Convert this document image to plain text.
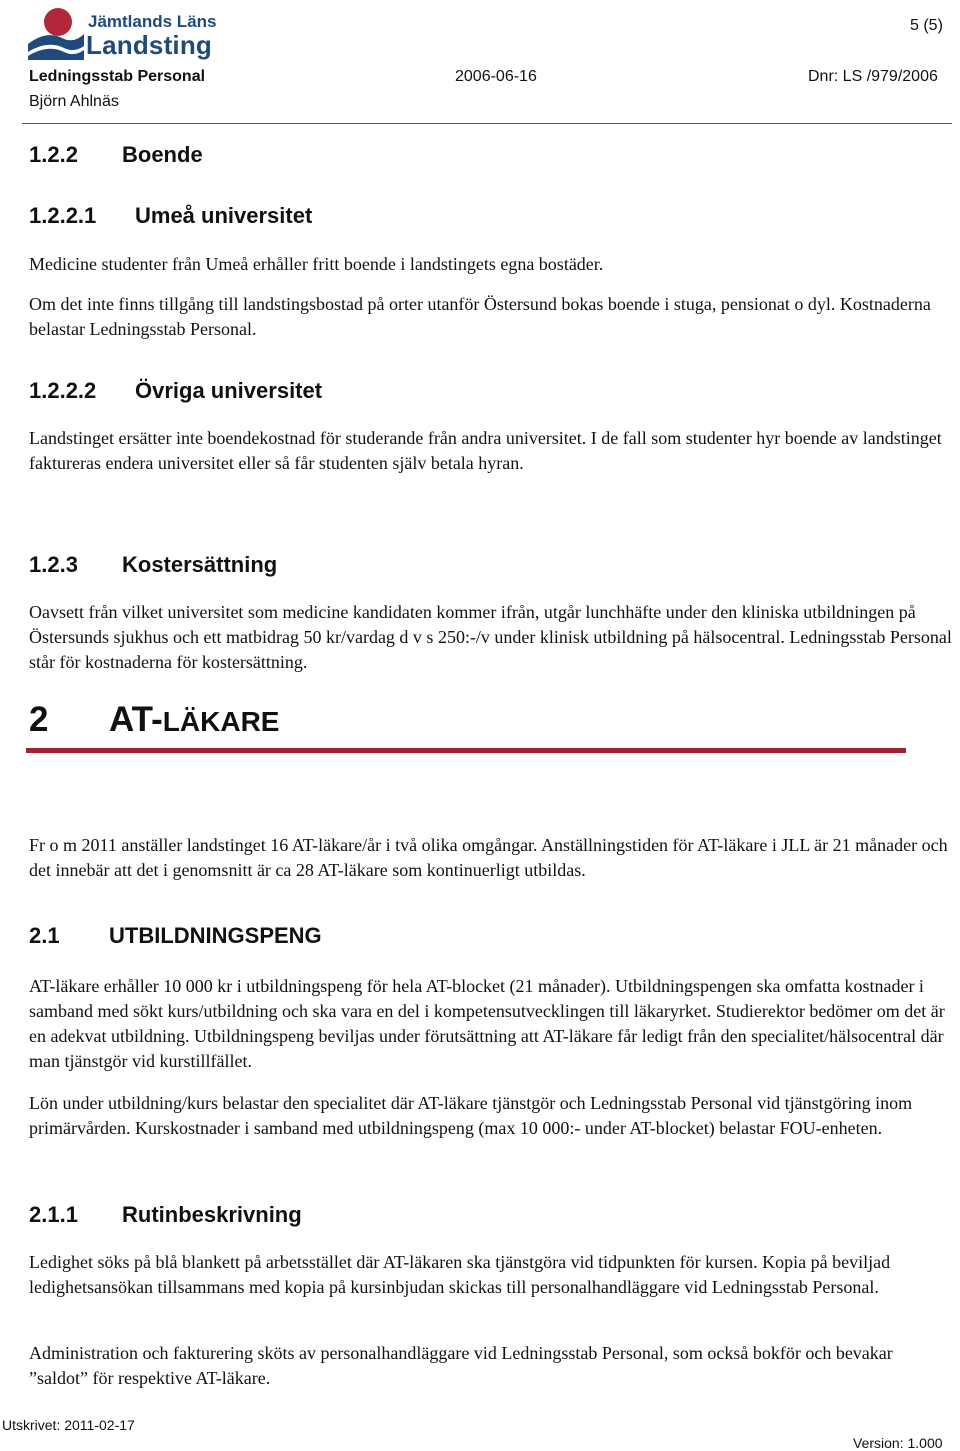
Jämtlands Läns
Landsting
5 (5)
Ledningsstab Personal	2006-06-16	Dnr: LS /979/2006
Björn Ahlnäs
1.2.2 Boende
1.2.2.1 Umeå universitet
Medicine studenter från Umeå erhåller fritt boende i landstingets egna bostäder.
Om det inte finns tillgång till landstingsbostad på orter utanför Östersund bokas boende i stuga, pensionat o dyl. Kostnaderna belastar Ledningsstab Personal.
1.2.2.2 Övriga universitet
Landstinget ersätter inte boendekostnad för studerande från andra universitet. I de fall som studenter hyr boende av landstinget faktureras endera universitet eller så får studenten själv betala hyran.
1.2.3 Kostersättning
Oavsett från vilket universitet som medicine kandidaten kommer ifrån, utgår lunchhäfte under den kliniska utbildningen på Östersunds sjukhus och ett matbidrag 50 kr/vardag d v s 250:-/v under klinisk utbildning på hälsocentral. Ledningsstab Personal står för kostnaderna för kostersättning.
2 AT-LÄKARE
Fr o m 2011 anställer landstinget 16 AT-läkare/år i två olika omgångar. Anställningstiden för AT-läkare i JLL är 21 månader och det innebär att det i genomsnitt är ca 28 AT-läkare som kontinuerligt utbildas.
2.1 UTBILDNINGSPENG
AT-läkare erhåller 10 000 kr i utbildningspeng för hela AT-blocket (21 månader). Utbildningspengen ska omfatta kostnader i samband med sökt kurs/utbildning och ska vara en del i kompetensutvecklingen till läkaryrket. Studierektor bedömer om det är en adekvat utbildning. Utbildningspeng beviljas under förutsättning att AT-läkare får ledigt från den specialitet/hälsocentral där man tjänstgör vid kurstillfället.
Lön under utbildning/kurs belastar den specialitet där AT-läkare tjänstgör och Ledningsstab Personal vid tjänstgöring inom primärvården. Kurskostnader i samband med utbildningspeng (max 10 000:- under AT-blocket) belastar FOU-enheten.
2.1.1 Rutinbeskrivning
Ledighet söks på blå blankett på arbetsstället där AT-läkaren ska tjänstgöra vid tidpunkten för kursen. Kopia på beviljad ledighetsansökan tillsammans med kopia på kursinbjudan skickas till personalhandläggare vid Ledningsstab Personal.
Administration och fakturering sköts av personalhandläggare vid Ledningsstab Personal, som också bokför och bevakar ”saldot” för respektive AT-läkare.
Utskrivet: 2011-02-17
Version: 1.000
